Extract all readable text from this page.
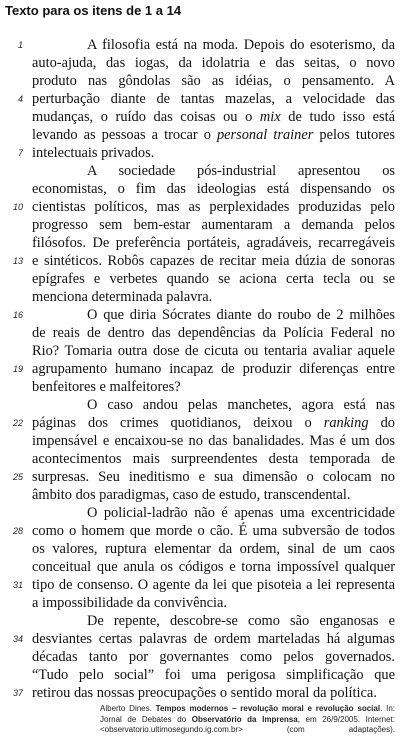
Texto para os itens de 1 a 14
1	A filosofia está na moda. Depois do esoterismo, da
auto-ajuda, das iogas, da idolatria e das seitas, o novo
produto nas gôndolas são as idéias, o pensamento. A
4 perturbação diante de tantas mazelas, a velocidade das
mudanças, o ruído das coisas ou o mix de tudo isso está
levando as pessoas a trocar o personal trainer pelos tutores
7 intelectuais privados.
A sociedade pós-industrial apresentou os
economistas, o fim das ideologias está dispensando os
10 cientistas políticos, mas as perplexidades produzidas pelo
progresso sem bem-estar aumentaram a demanda pelos
filósofos. De preferência portáteis, agradáveis, recarregáveis
13 e sintéticos. Robôs capazes de recitar meia dúzia de sonoras
epígrafes e verbetes quando se aciona certa tecla ou se
menciona determinada palavra.
16	O que diria Sócrates diante do roubo de 2 milhões
de reais de dentro das dependências da Polícia Federal no
Rio? Tomaria outra dose de cicuta ou tentaria avaliar aquele
19 agrupamento humano incapaz de produzir diferenças entre
benfeitores e malfeitores?
O caso andou pelas manchetes, agora está nas
22 páginas dos crimes quotidianos, deixou o ranking do
impensável e encaixou-se no das banalidades. Mas é um dos
acontecimentos mais surpreendentes desta temporada de
25 surpresas. Seu ineditismo e sua dimensão o colocam no
âmbito dos paradigmas, caso de estudo, transcendental.
O policial-ladrão não é apenas uma excentricidade
28 como o homem que morde o cão. É uma subversão de todos
os valores, ruptura elementar da ordem, sinal de um caos
conceitual que anula os códigos e torna impossível qualquer
31 tipo de consenso. O agente da lei que pisoteia a lei representa
a impossibilidade da convivência.
De repente, descobre-se como são enganosas e
34 desviantes certas palavras de ordem marteladas há algumas
décadas tanto por governantes como pelos governados.
“Tudo pelo social” foi uma perigosa simplificação que
37 retirou das nossas preocupações o sentido moral da política.
Alberto Dines. Tempos modernos – revolução moral e revolução social. In:
Jornal de Debates do Observatório da Imprensa, em 26/9/2005. Internet:
<observatorio.ultimosegundo.ig.com.br> (com adaptações).
